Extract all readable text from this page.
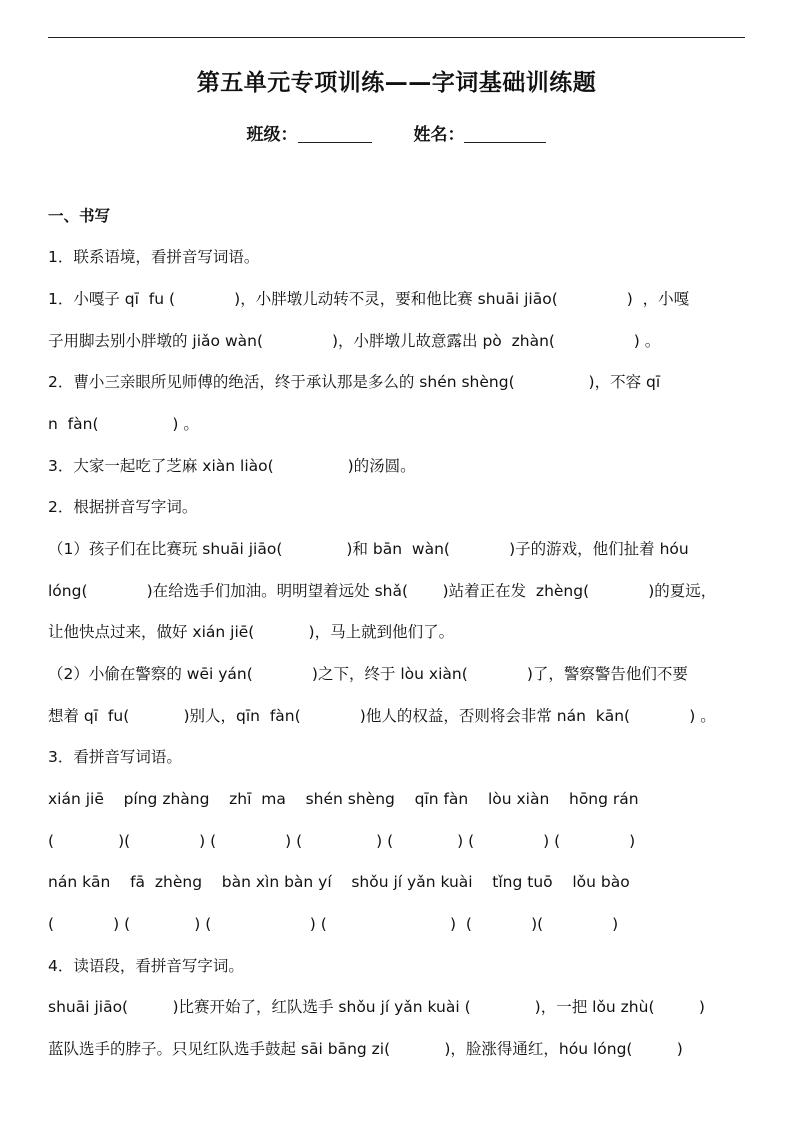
第五单元专项训练——字词基础训练题
班级：	姓名：
一、书写
1．联系语境，看拼音写词语。
1．小嘎子 qī  fu (            )，小胖墩儿动转不灵，要和他比赛 shuāi jiāo(              )  ，小嘎
子用脚去别小胖墩的 jiǎo wàn(              )，小胖墩儿故意露出 pò  zhàn(                ) 。
2．曹小三亲眼所见师傅的绝活，终于承认那是多么的 shén shèng(               )，不容 qī
n  fàn(               ) 。
3．大家一起吃了芝麻 xiàn liào(               )的汤圆。
2．根据拼音写字词。
（1）孩子们在比赛玩 shuāi jiāo(             )和 bān  wàn(            )子的游戏，他们扯着 hóu
lóng(            )在给选手们加油。明明望着远处 shǎ(       )站着正在发  zhèng(            )的夏远，
让他快点过来，做好 xián jiē(           )，马上就到他们了。
（2）小偷在警察的 wēi yán(            )之下，终于 lòu xiàn(            )了，警察警告他们不要
想着 qī  fu(           )别人，qīn  fàn(            )他人的权益，否则将会非常 nán  kān(            ) 。
3．看拼音写词语。
xián jiē    píng zhàng    zhī  ma    shén shèng    qīn fàn    lòu xiàn    hōng rán
(             )(              ) (              ) (               ) (             ) (              ) (              )
nán kān    fā  zhèng    bàn xìn bàn yí    shǒu jí yǎn kuài    tǐng tuō    lǒu bào
(            ) (             ) (                    ) (                         )  (            )(              )
4．读语段，看拼音写字词。
shuāi jiāo(         )比赛开始了，红队选手 shǒu jí yǎn kuài (             )，一把 lǒu zhù(         )
蓝队选手的脖子。只见红队选手鼓起 sāi bāng zi(           )，脸涨得通红，hóu lóng(         )
